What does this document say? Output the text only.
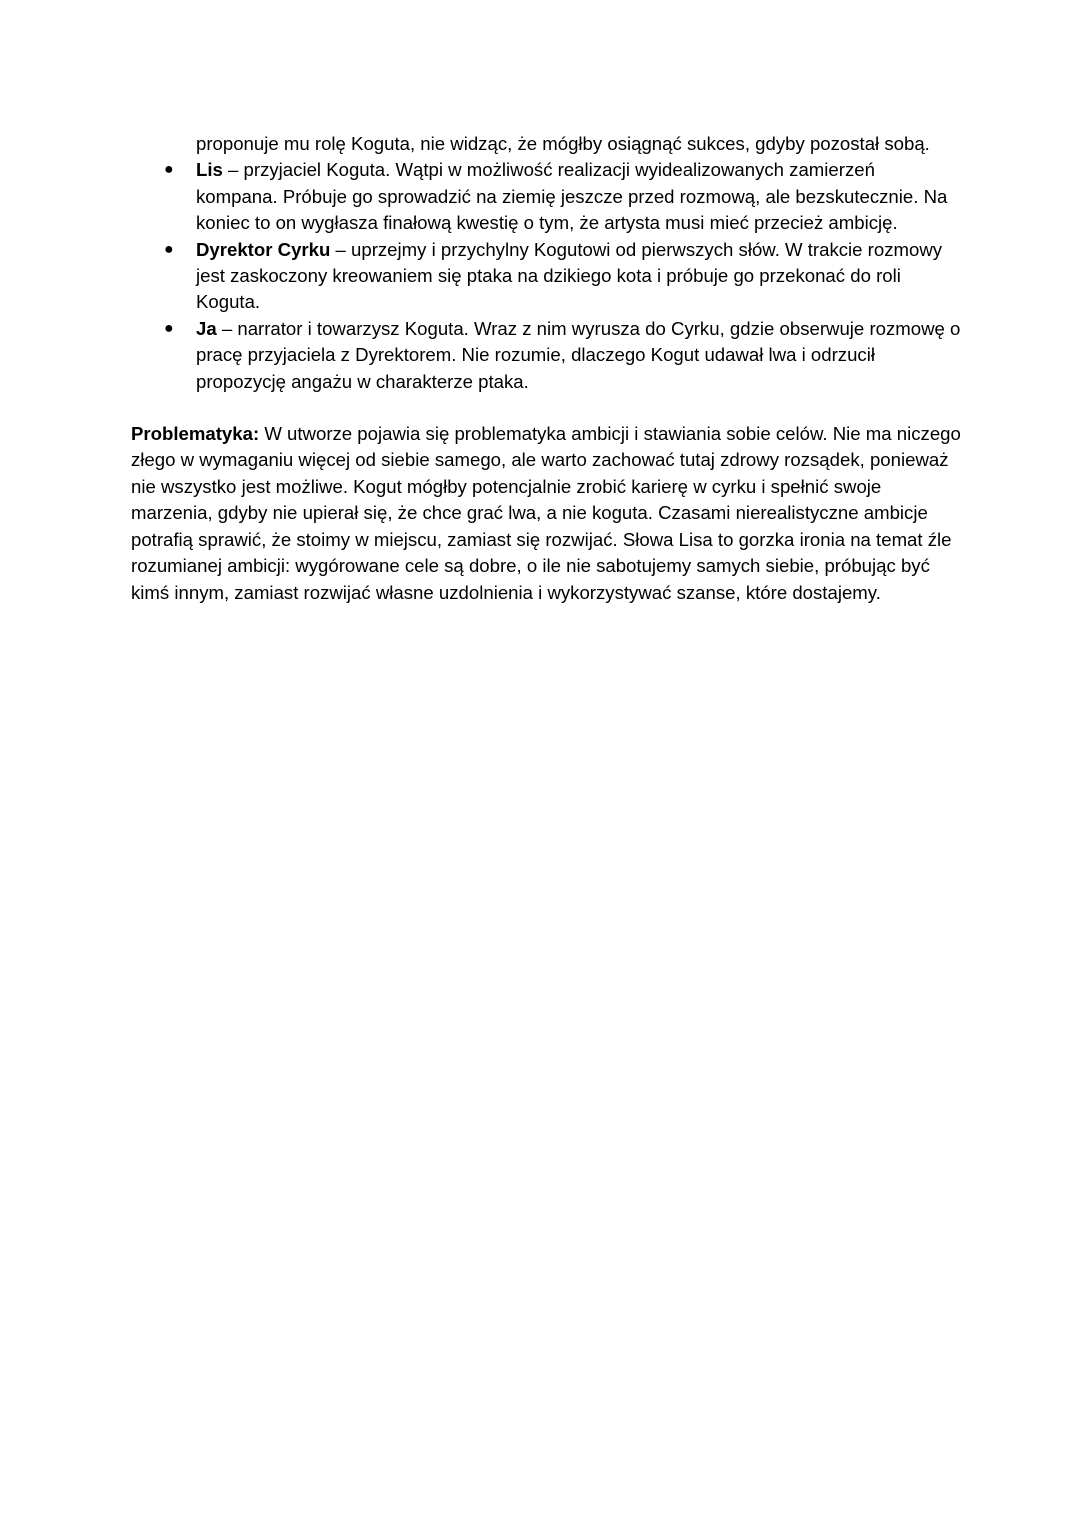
proponuje mu rolę Koguta, nie widząc, że mógłby osiągnąć sukces, gdyby pozostał sobą.

● Lis – przyjaciel Koguta. Wątpi w możliwość realizacji wyidealizowanych zamierzeń kompana. Próbuje go sprowadzić na ziemię jeszcze przed rozmową, ale bezskutecznie. Na koniec to on wygłasza finałową kwestię o tym, że artysta musi mieć przecież ambicję.
● Dyrektor Cyrku – uprzejmy i przychylny Kogutowi od pierwszych słów. W trakcie rozmowy jest zaskoczony kreowaniem się ptaka na dzikiego kota i próbuje go przekonać do roli Koguta.
● Ja – narrator i towarzysz Koguta. Wraz z nim wyrusza do Cyrku, gdzie obserwuje rozmowę o pracę przyjaciela z Dyrektorem. Nie rozumie, dlaczego Kogut udawał lwa i odrzucił propozycję angażu w charakterze ptaka.

Problematyka: W utworze pojawia się problematyka ambicji i stawiania sobie celów. Nie ma niczego złego w wymaganiu więcej od siebie samego, ale warto zachować tutaj zdrowy rozsądek, ponieważ nie wszystko jest możliwe. Kogut mógłby potencjalnie zrobić karierę w cyrku i spełnić swoje marzenia, gdyby nie upierał się, że chce grać lwa, a nie koguta. Czasami nierealistyczne ambicje potrafią sprawić, że stoimy w miejscu, zamiast się rozwijać. Słowa Lisa to gorzka ironia na temat źle rozumianej ambicji: wygórowane cele są dobre, o ile nie sabotujemy samych siebie, próbując być kimś innym, zamiast rozwijać własne uzdolnienia i wykorzystywać szanse, które dostajemy.
